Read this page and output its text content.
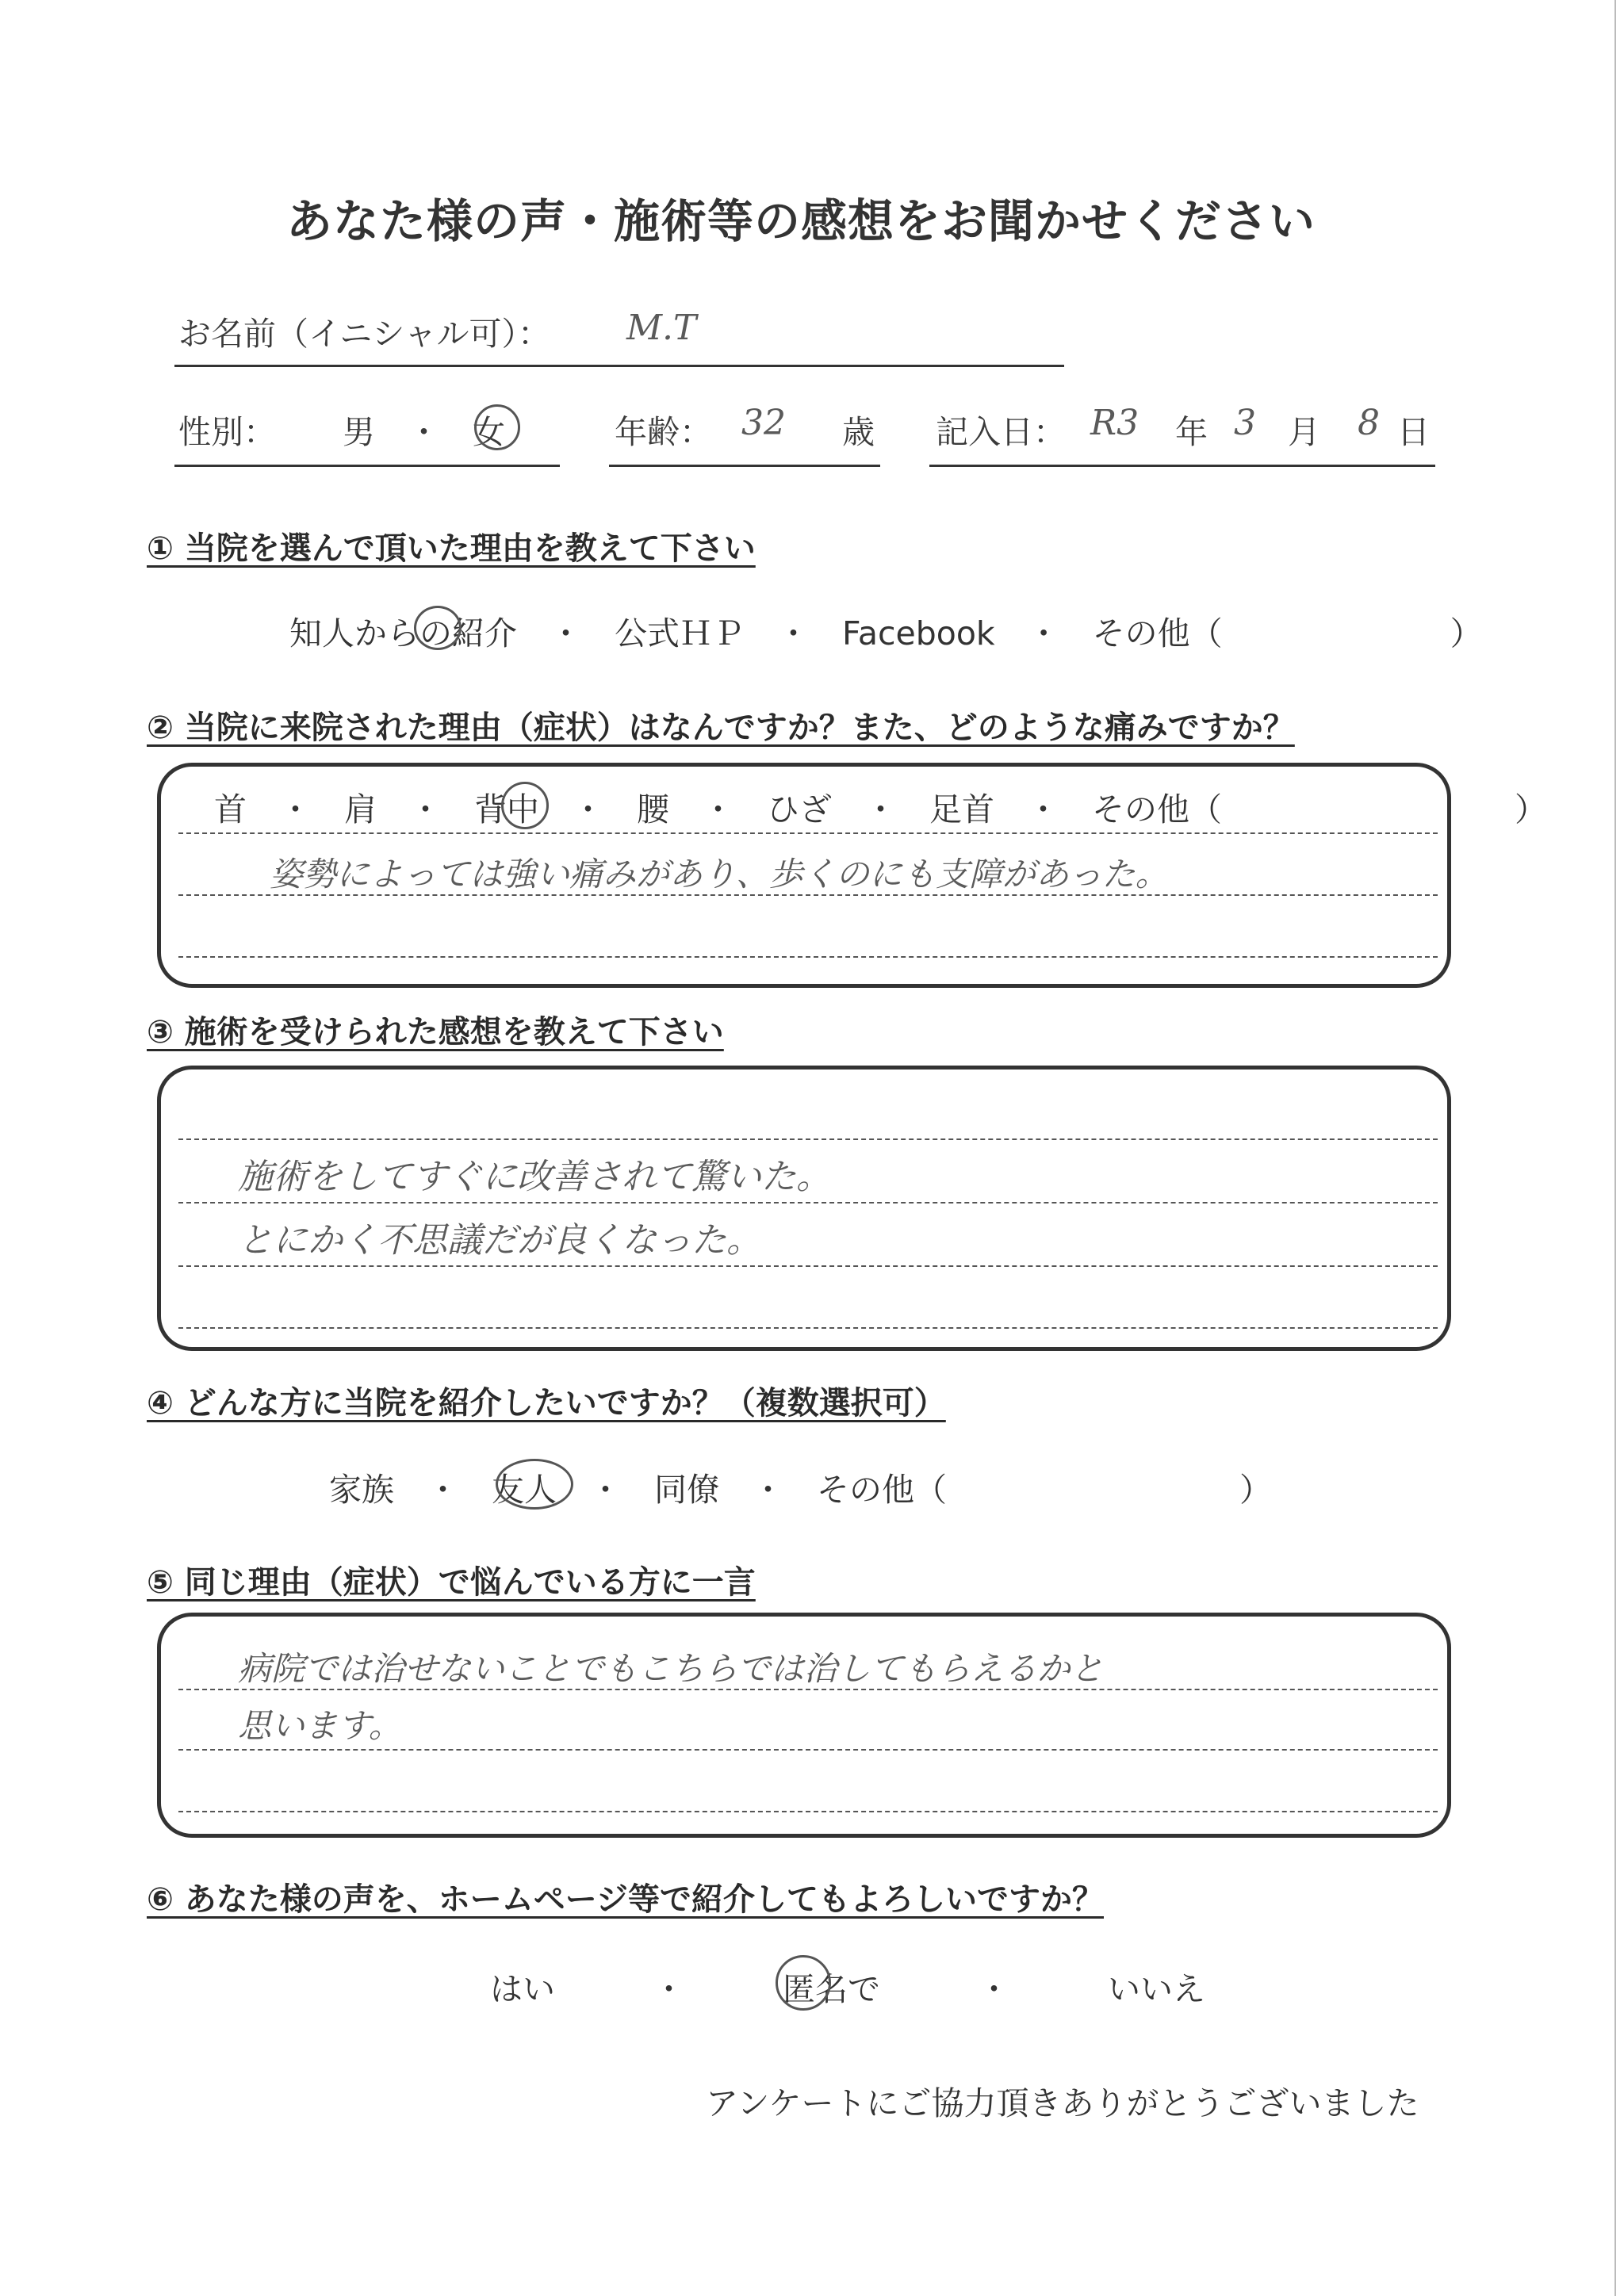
あなた様の声・施術等の感想をお聞かせください
お名前（イニシャル可）： M.T
性別： 男　・　女	年齢： 32 歳 記入日： R3 年 3 月 8 日
① 当院を選んで頂いた理由を教えて下さい
知人からの紹介　・　公式ＨＰ　・　Facebook　・　その他（　　　　　　　）
② 当院に来院された理由（症状）はなんですか？また、どのような痛みですか？
首　・　肩　・　背中　・　腰　・　ひざ　・　足首　・　その他（　　　　　　　　　）
姿勢によっては強い痛みがあり、歩くのにも支障があった。
③ 施術を受けられた感想を教えて下さい
施術をしてすぐに改善されて驚いた。
とにかく不思議だが良くなった。
④ どんな方に当院を紹介したいですか？（複数選択可）
家族　・　友人　・　同僚　・　その他（　　　　　　　　　）
⑤ 同じ理由（症状）で悩んでいる方に一言
病院では治せないことでもこちらでは治してもらえるかと
思います。
⑥ あなた様の声を、ホームページ等で紹介してもよろしいですか？
はい　　　・　　　匿名で　　　・　　　いいえ
アンケートにご協力頂きありがとうございました
